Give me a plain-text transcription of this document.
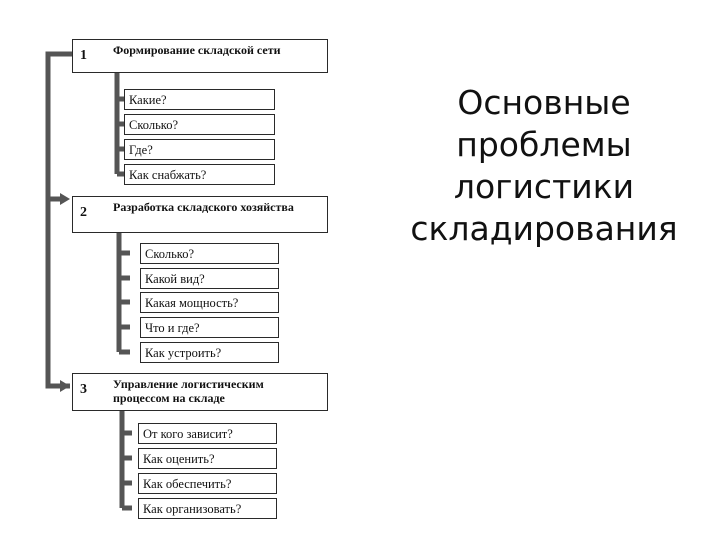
1 Формирование складской сети
Какие?
Сколько?
Где?
Как снабжать?
2 Разработка складского хозяйства
Сколько?
Какой вид?
Какая мощность?
Что и где?
Как устроить?
3 Управление логистическим процессом на складе
От кого зависит?
Как оценить?
Как обеспечить?
Как организовать?
Основные
проблемы
логистики
складирования
